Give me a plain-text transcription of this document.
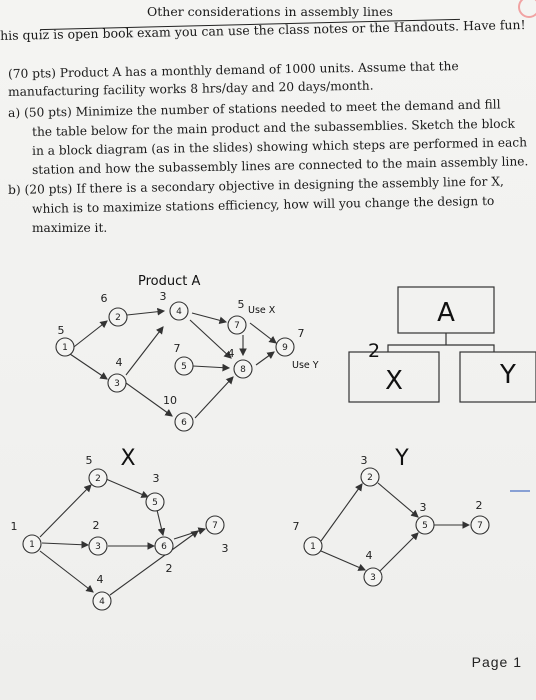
Other considerations in assembly lines
his quiz is open book exam you can use the class notes or the Handouts. Have fun!
(70 pts) Product A has a monthly demand of 1000 units. Assume that the
manufacturing facility works 8 hrs/day and 20 days/month.
a) (50 pts) Minimize the number of stations needed to meet the demand and fill
the table below for the main product and the subassemblies. Sketch the block
in a block diagram (as in the slides) showing which steps are performed in each
station and how the subassembly lines are connected to the main assembly line.
b) (20 pts) If there is a secondary objective in designing the assembly line for X,
which is to maximize stations efficiency, how will you change the design to
maximize it.
1
2
3
4
5
6
7
8
9
5
6
4
3
7
10
5
4
7
Product A
Use X
Use Y
A
X	Y
2
X
1
2
3
4
5
6
7
1
5
2
4
3
2
3
Y
1
2
3
5	7
7
3
4
3	2
Page 1
